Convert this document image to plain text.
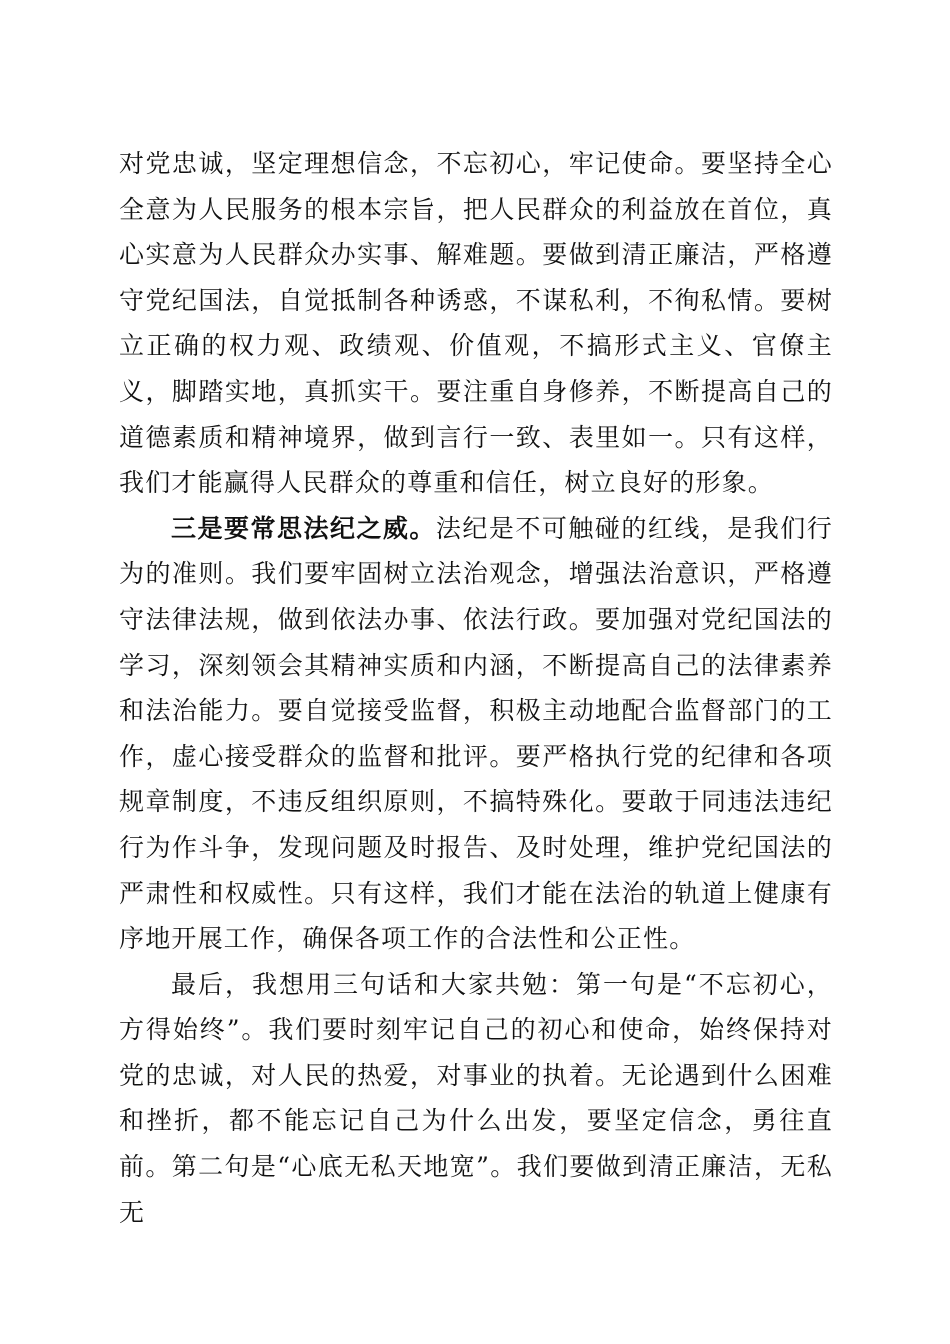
对党忠诚，坚定理想信念，不忘初心，牢记使命。要坚持全心全意为人民服务的根本宗旨，把人民群众的利益放在首位，真心实意为人民群众办实事、解难题。要做到清正廉洁，严格遵守党纪国法，自觉抵制各种诱惑，不谋私利，不徇私情。要树立正确的权力观、政绩观、价值观，不搞形式主义、官僚主义，脚踏实地，真抓实干。要注重自身修养，不断提高自己的道德素质和精神境界，做到言行一致、表里如一。只有这样，我们才能赢得人民群众的尊重和信任，树立良好的形象。

三是要常思法纪之威。法纪是不可触碰的红线，是我们行为的准则。我们要牢固树立法治观念，增强法治意识，严格遵守法律法规，做到依法办事、依法行政。要加强对党纪国法的学习，深刻领会其精神实质和内涵，不断提高自己的法律素养和法治能力。要自觉接受监督，积极主动地配合监督部门的工作，虚心接受群众的监督和批评。要严格执行党的纪律和各项规章制度，不违反组织原则，不搞特殊化。要敢于同违法违纪行为作斗争，发现问题及时报告、及时处理，维护党纪国法的严肃性和权威性。只有这样，我们才能在法治的轨道上健康有序地开展工作，确保各项工作的合法性和公正性。

最后，我想用三句话和大家共勉：第一句是“不忘初心，方得始终”。我们要时刻牢记自己的初心和使命，始终保持对党的忠诚，对人民的热爱，对事业的执着。无论遇到什么困难和挫折，都不能忘记自己为什么出发，要坚定信念，勇往直前。第二句是“心底无私天地宽”。我们要做到清正廉洁，无私无
